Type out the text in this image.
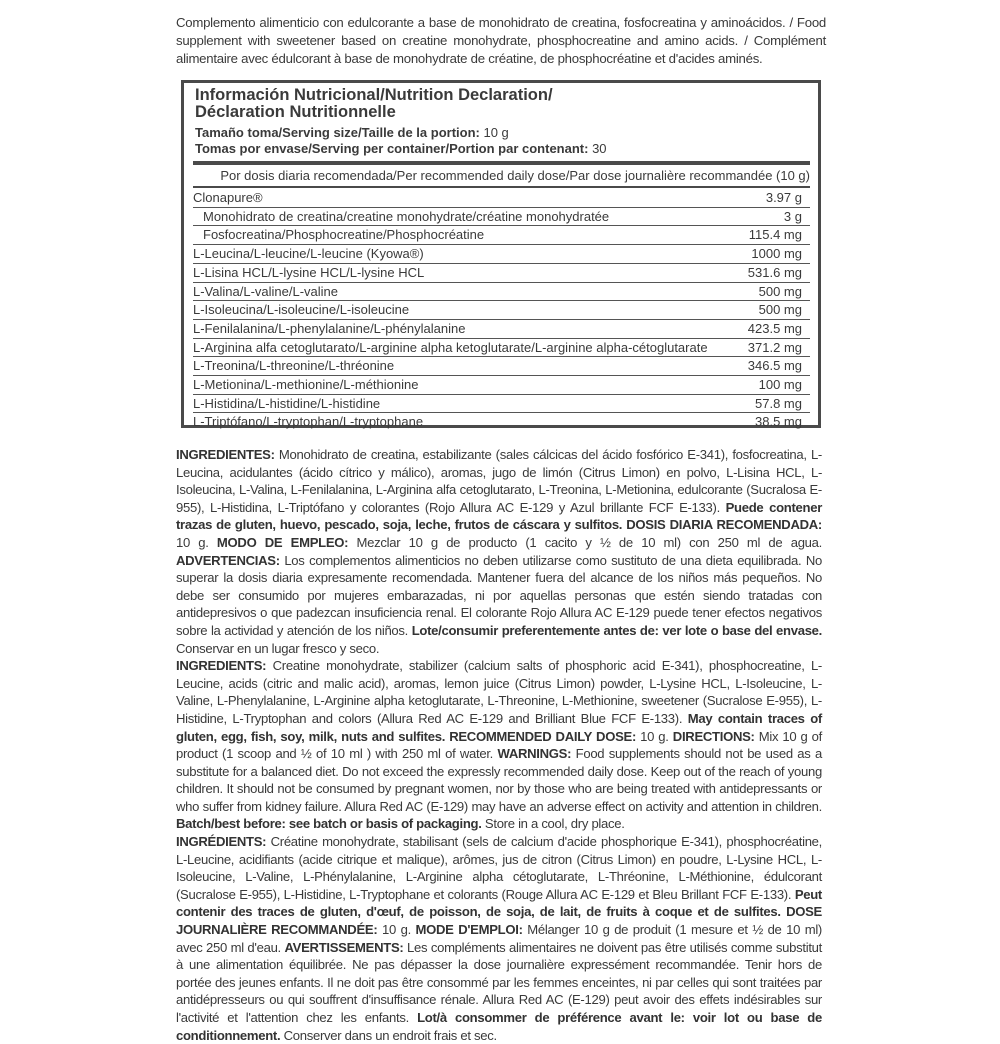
Complemento alimenticio con edulcorante a base de monohidrato de creatina, fosfocreatina y aminoácidos. / Food supplement with sweetener based on creatine monohydrate, phosphocreatine and amino acids. / Complément alimentaire avec édulcorant à base de monohydrate de créatine, de phosphocréatine et d'acides aminés.
Información Nutricional/Nutrition Declaration/
Déclaration Nutritionnelle
Tamaño toma/Serving size/Taille de la portion: 10 g
Tomas por envase/Serving per container/Portion par contenant: 30
Por dosis diaria recomendada/Per recommended daily dose/Par dose journalière recommandée (10 g)
Clonapure®	3.97 g
Monohidrato de creatina/creatine monohydrate/créatine monohydratée	3 g
Fosfocreatina/Phosphocreatine/Phosphocréatine	115.4 mg
L-Leucina/L-leucine/L-leucine (Kyowa®)	1000 mg
L-Lisina HCL/L-lysine HCL/L-lysine HCL	531.6 mg
L-Valina/L-valine/L-valine	500 mg
L-Isoleucina/L-isoleucine/L-isoleucine	500 mg
L-Fenilalanina/L-phenylalanine/L-phénylalanine	423.5 mg
L-Arginina alfa cetoglutarato/L-arginine alpha ketoglutarate/L-arginine alpha-cétoglutarate	371.2 mg
L-Treonina/L-threonine/L-thréonine	346.5 mg
L-Metionina/L-methionine/L-méthionine	100 mg
L-Histidina/L-histidine/L-histidine	57.8 mg
L-Triptófano/L-tryptophan/L-tryptophane	38.5 mg

INGREDIENTES: Monohidrato de creatina, estabilizante (sales cálcicas del ácido fosfórico E-341), fosfocreatina, L-Leucina, acidulantes (ácido cítrico y málico), aromas, jugo de limón (Citrus Limon) en polvo, L-Lisina HCL, L-Isoleucina, L-Valina, L-Fenilalanina, L-Arginina alfa cetoglutarato, L-Treonina, L-Metionina, edulcorante (Sucralosa E-955), L-Histidina, L-Triptófano y colorantes (Rojo Allura AC E-129 y Azul brillante FCF E-133). Puede contener trazas de gluten, huevo, pescado, soja, leche, frutos de cáscara y sulfitos. DOSIS DIARIA RECOMENDADA: 10 g. MODO DE EMPLEO: Mezclar 10 g de producto (1 cacito y ½ de 10 ml) con 250 ml de agua. ADVERTENCIAS: Los complementos alimenticios no deben utilizarse como sustituto de una dieta equilibrada. No superar la dosis diaria expresamente recomendada. Mantener fuera del alcance de los niños más pequeños. No debe ser consumido por mujeres embarazadas, ni por aquellas personas que estén siendo tratadas con antidepresivos o que padezcan insuficiencia renal. El colorante Rojo Allura AC E-129 puede tener efectos negativos sobre la actividad y atención de los niños. Lote/consumir preferentemente antes de: ver lote o base del envase. Conservar en un lugar fresco y seco.

INGREDIENTS: Creatine monohydrate, stabilizer (calcium salts of phosphoric acid E-341), phosphocreatine, L-Leucine, acids (citric and malic acid), aromas, lemon juice (Citrus Limon) powder, L-Lysine HCL, L-Isoleucine, L-Valine, L-Phenylalanine, L-Arginine alpha ketoglutarate, L-Threonine, L-Methionine, sweetener (Sucralose E-955), L-Histidine, L-Tryptophan and colors (Allura Red AC E-129 and Brilliant Blue FCF E-133). May contain traces of gluten, egg, fish, soy, milk, nuts and sulfites. RECOMMENDED DAILY DOSE: 10 g. DIRECTIONS: Mix 10 g of product (1 scoop and ½ of 10 ml ) with 250 ml of water. WARNINGS: Food supplements should not be used as a substitute for a balanced diet. Do not exceed the expressly recommended daily dose. Keep out of the reach of young children. It should not be consumed by pregnant women, nor by those who are being treated with antidepressants or who suffer from kidney failure. Allura Red AC (E-129) may have an adverse effect on activity and attention in children. Batch/best before: see batch or basis of packaging. Store in a cool, dry place.

INGRÉDIENTS: Créatine monohydrate, stabilisant (sels de calcium d'acide phosphorique E-341), phosphocréatine, L-Leucine, acidifiants (acide citrique et malique), arômes, jus de citron (Citrus Limon) en poudre, L-Lysine HCL, L-Isoleucine, L-Valine, L-Phénylalanine, L-Arginine alpha cétoglutarate, L-Thréonine, L-Méthionine, édulcorant (Sucralose E-955), L-Histidine, L-Tryptophane et colorants (Rouge Allura AC E-129 et Bleu Brillant FCF E-133). Peut contenir des traces de gluten, d'œuf, de poisson, de soja, de lait, de fruits à coque et de sulfites. DOSE JOURNALIÈRE RECOMMANDÉE: 10 g. MODE D'EMPLOI: Mélanger 10 g de produit (1 mesure et ½ de 10 ml) avec 250 ml d'eau. AVERTISSEMENTS: Les compléments alimentaires ne doivent pas être utilisés comme substitut à une alimentation équilibrée. Ne pas dépasser la dose journalière expressément recommandée. Tenir hors de portée des jeunes enfants. Il ne doit pas être consommé par les femmes enceintes, ni par celles qui sont traitées par antidépresseurs ou qui souffrent d'insuffisance rénale. Allura Red AC (E-129) peut avoir des effets indésirables sur l'activité et l'attention chez les enfants. Lot/à consommer de préférence avant le: voir lot ou base de conditionnement. Conserver dans un endroit frais et sec.
